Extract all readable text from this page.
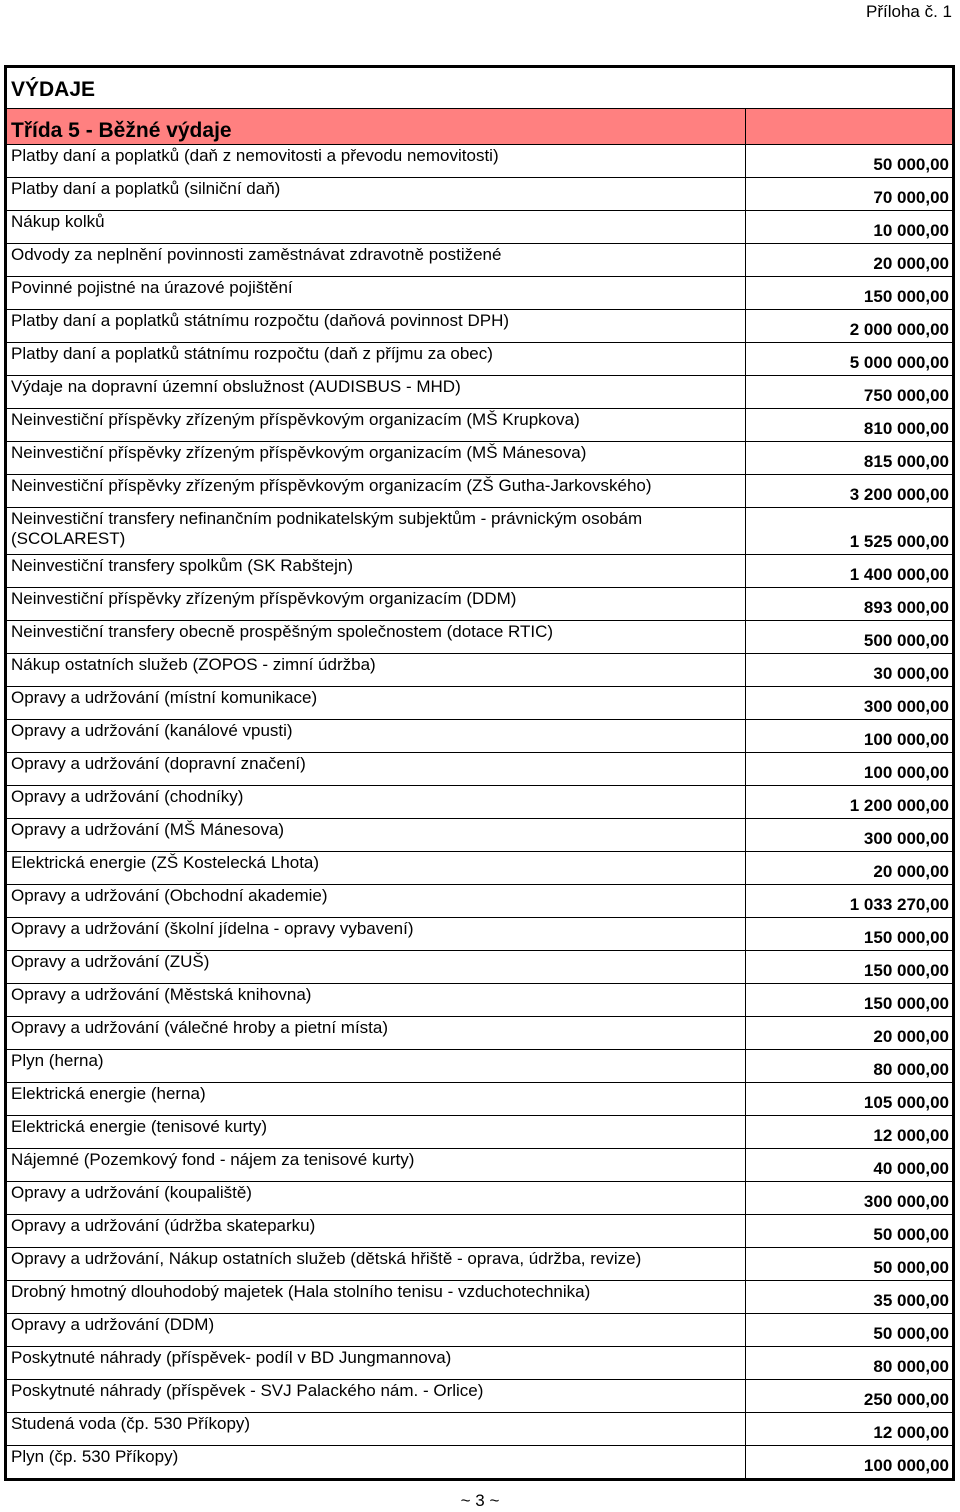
Příloha č. 1
VÝDAJE
Třída 5 - Běžné výdaje
Platby daní a poplatků (daň z nemovitosti a převodu nemovitosti)	50 000,00
Platby daní a poplatků (silniční daň)	70 000,00
Nákup kolků	10 000,00
Odvody za neplnění povinnosti zaměstnávat zdravotně postižené	20 000,00
Povinné pojistné na úrazové pojištění	150 000,00
Platby daní a poplatků státnímu rozpočtu (daňová povinnost DPH)	2 000 000,00
Platby daní a poplatků státnímu rozpočtu (daň z příjmu za obec)	5 000 000,00
Výdaje na dopravní územní obslužnost (AUDISBUS - MHD)	750 000,00
Neinvestiční příspěvky zřízeným příspěvkovým organizacím (MŠ Krupkova)	810 000,00
Neinvestiční příspěvky zřízeným příspěvkovým organizacím (MŠ Mánesova)	815 000,00
Neinvestiční příspěvky zřízeným příspěvkovým organizacím (ZŠ Gutha-Jarkovského)	3 200 000,00
Neinvestiční transfery nefinančním podnikatelským subjektům - právnickým osobám (SCOLAREST)	1 525 000,00
Neinvestiční transfery spolkům (SK Rabštejn)	1 400 000,00
Neinvestiční příspěvky zřízeným příspěvkovým organizacím (DDM)	893 000,00
Neinvestiční transfery obecně prospěšným společnostem (dotace RTIC)	500 000,00
Nákup ostatních služeb (ZOPOS - zimní údržba)	30 000,00
Opravy a udržování (místní komunikace)	300 000,00
Opravy a udržování (kanálové vpusti)	100 000,00
Opravy a udržování (dopravní značení)	100 000,00
Opravy a udržování (chodníky)	1 200 000,00
Opravy a udržování (MŠ Mánesova)	300 000,00
Elektrická energie (ZŠ Kostelecká Lhota)	20 000,00
Opravy a udržování (Obchodní akademie)	1 033 270,00
Opravy a udržování (školní jídelna - opravy vybavení)	150 000,00
Opravy a udržování (ZUŠ)	150 000,00
Opravy a udržování (Městská knihovna)	150 000,00
Opravy a udržování (válečné hroby a pietní místa)	20 000,00
Plyn (herna)	80 000,00
Elektrická energie (herna)	105 000,00
Elektrická energie (tenisové kurty)	12 000,00
Nájemné (Pozemkový fond - nájem za tenisové kurty)	40 000,00
Opravy a udržování (koupaliště)	300 000,00
Opravy a udržování (údržba skateparku)	50 000,00
Opravy a udržování, Nákup ostatních služeb (dětská hřiště - oprava, údržba, revize)	50 000,00
Drobný hmotný dlouhodobý majetek (Hala stolního tenisu - vzduchotechnika)	35 000,00
Opravy a udržování (DDM)	50 000,00
Poskytnuté náhrady (příspěvek- podíl v BD Jungmannova)	80 000,00
Poskytnuté náhrady (příspěvek - SVJ Palackého nám. - Orlice)	250 000,00
Studená voda (čp. 530 Příkopy)	12 000,00
Plyn (čp. 530 Příkopy)	100 000,00
~ 3 ~
